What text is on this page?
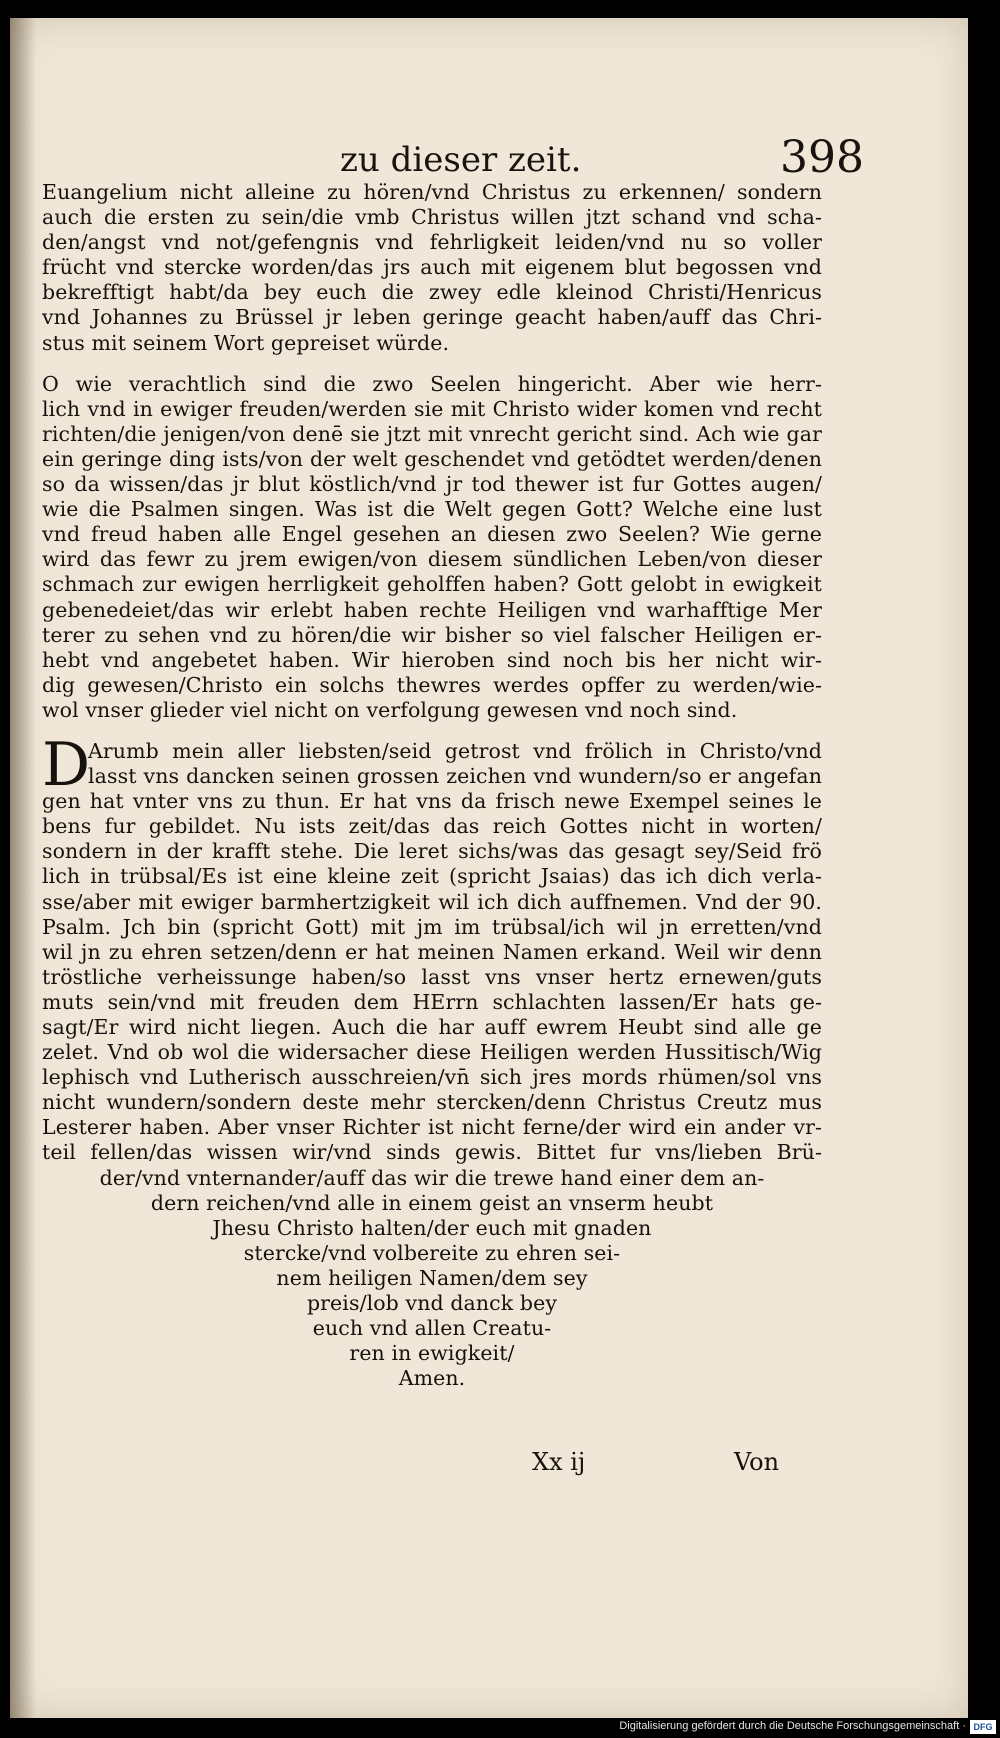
zu dieser zeit.	398
Euangelium nicht alleine zu hören/vnd Christus zu erkennen/ sondern
auch die ersten zu sein/die vmb Christus willen jtzt schand vnd scha-
den/angst vnd not/gefengnis vnd fehrligkeit leiden/vnd nu so voller
frücht vnd stercke worden/das jrs auch mit eigenem blut begossen vnd
bekrefftigt habt/da bey euch die zwey edle kleinod Christi/Henricus
vnd Johannes zu Brüssel jr leben geringe geacht haben/auff das Chri-
stus mit seinem Wort gepreiset würde.
O wie verachtlich sind die zwo Seelen hingericht. Aber wie herr-
lich vnd in ewiger freuden/werden sie mit Christo wider komen vnd recht
richten/die jenigen/von denē sie jtzt mit vnrecht gericht sind. Ach wie gar
ein geringe ding ists/von der welt geschendet vnd getödtet werden/denen
so da wissen/das jr blut köstlich/vnd jr tod thewer ist fur Gottes augen/
wie die Psalmen singen. Was ist die Welt gegen Gott? Welche eine lust
vnd freud haben alle Engel gesehen an diesen zwo Seelen? Wie gerne
wird das fewr zu jrem ewigen/von diesem sündlichen Leben/von dieser
schmach zur ewigen herrligkeit geholffen haben? Gott gelobt in ewigkeit
gebenedeiet/das wir erlebt haben rechte Heiligen vnd warhafftige Mer
terer zu sehen vnd zu hören/die wir bisher so viel falscher Heiligen er-
hebt vnd angebetet haben. Wir hieroben sind noch bis her nicht wir-
dig gewesen/Christo ein solchs thewres werdes opffer zu werden/wie-
wol vnser glieder viel nicht on verfolgung gewesen vnd noch sind.
D
Arumb mein aller liebsten/seid getrost vnd frölich in Christo/vnd
lasst vns dancken seinen grossen zeichen vnd wundern/so er angefan
gen hat vnter vns zu thun. Er hat vns da frisch newe Exempel seines le
bens fur gebildet. Nu ists zeit/das das reich Gottes nicht in worten/
sondern in der krafft stehe. Die leret sichs/was das gesagt sey/Seid frö
lich in trübsal/Es ist eine kleine zeit (spricht Jsaias) das ich dich verla-
sse/aber mit ewiger barmhertzigkeit wil ich dich auffnemen. Vnd der 90.
Psalm. Jch bin (spricht Gott) mit jm im trübsal/ich wil jn erretten/vnd
wil jn zu ehren setzen/denn er hat meinen Namen erkand. Weil wir denn
tröstliche verheissunge haben/so lasst vns vnser hertz ernewen/guts
muts sein/vnd mit freuden dem HErrn schlachten lassen/Er hats ge-
sagt/Er wird nicht liegen. Auch die har auff ewrem Heubt sind alle ge
zelet. Vnd ob wol die widersacher diese Heiligen werden Hussitisch/Wig
lephisch vnd Lutherisch ausschreien/vn̄ sich jres mords rhümen/sol vns
nicht wundern/sondern deste mehr stercken/denn Christus Creutz mus
Lesterer haben. Aber vnser Richter ist nicht ferne/der wird ein ander vr-
teil fellen/das wissen wir/vnd sinds gewis. Bittet fur vns/lieben Brü-
der/vnd vnternander/auff das wir die trewe hand einer dem an-
dern reichen/vnd alle in einem geist an vnserm heubt
Jhesu Christo halten/der euch mit gnaden
stercke/vnd volbereite zu ehren sei-
nem heiligen Namen/dem sey
preis/lob vnd danck bey
euch vnd allen Creatu-
ren in ewigkeit/
Amen.
Xx ij	Von
Digitalisierung gefördert durch die Deutsche Forschungsgemeinschaft · DFG
